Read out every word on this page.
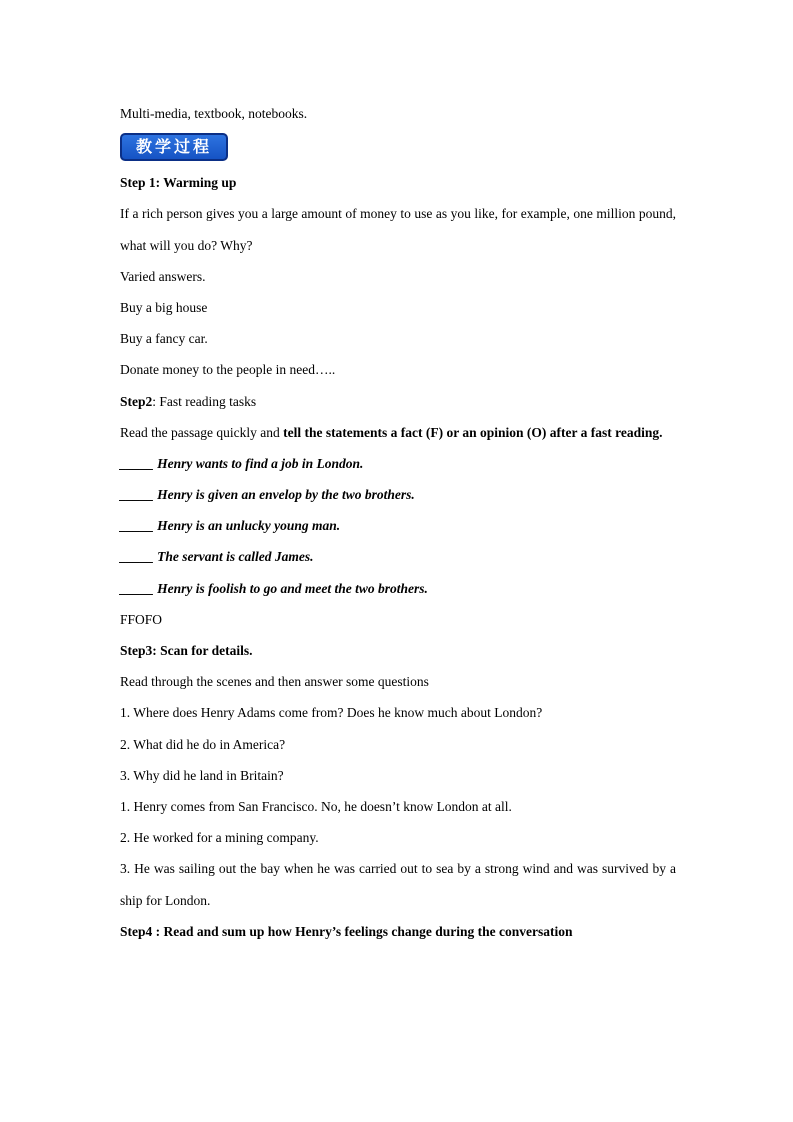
Multi-media, textbook, notebooks.
教学过程
Step 1: Warming up
If a rich person gives you a large amount of money to use as you like, for example, one million pound, what will you do? Why?
Varied answers.
Buy a big house
Buy a fancy car.
Donate money to the people in need…..
Step2: Fast reading tasks
Read the passage quickly and tell the statements a fact (F) or an opinion (O) after a fast reading.
_____ Henry wants to find a job in London.
_____ Henry is given an envelop by the two brothers.
_____ Henry is an unlucky young man.
_____ The servant is called James.
_____ Henry is foolish to go and meet the two brothers.
FFOFO
Step3: Scan for details.
Read through the scenes and then answer some questions
1. Where does Henry Adams come from? Does he know much about London?
2. What did he do in America?
3. Why did he land in Britain?
1. Henry comes from San Francisco. No, he doesn’t know London at all.
2. He worked for a mining company.
3. He was sailing out the bay when he was carried out to sea by a strong wind and was survived by a ship for London.
Step4 : Read and sum up how Henry’s feelings change during the conversation
